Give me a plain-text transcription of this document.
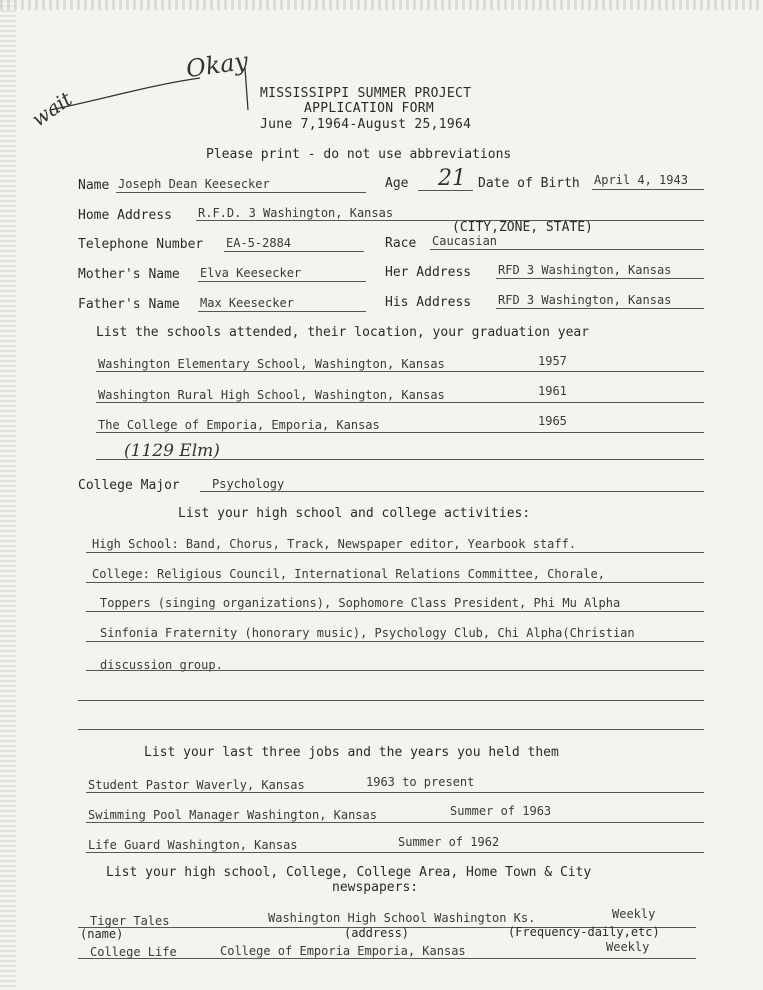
Okay
wait	MISSISSIPPI SUMMER PROJECT
APPLICATION FORM
June 7,1964-August 25,1964
Please print - do not use abbreviations
Name Joseph Dean Keesecker	Age 21 Date of Birth April 4, 1943
Home Address R.F.D. 3 Washington, Kansas
(CITY,ZONE, STATE)
Telephone Number EA-5-2884	Race Caucasian
Mother's Name Elva Keesecker	Her Address RFD 3 Washington, Kansas
Father's Name Max Keesecker	His Address RFD 3 Washington, Kansas
List the schools attended, their location, your graduation year
Washington Elementary School, Washington, Kansas	1957
Washington Rural High School, Washington, Kansas	1961
The College of Emporia, Emporia, Kansas	1965
(1129 Elm)
College Major	Psychology
List your high school and college activities:
High School: Band, Chorus, Track, Newspaper editor, Yearbook staff.
College: Religious Council, International Relations Committee, Chorale,
Toppers (singing organizations), Sophomore Class President, Phi Mu Alpha
Sinfonia Fraternity (honorary music), Psychology Club, Chi Alpha(Christian
discussion group.
List your last three jobs and the years you held them
Student Pastor Waverly, Kansas	1963 to present
Swimming Pool Manager Washington, Kansas	Summer of 1963
Life Guard Washington, Kansas	Summer of 1962
List your high school, College, College Area, Home Town & City
newspapers:
Tiger Tales	Washington High School Washington Ks.	Weekly
(name)	(address)	(Frequency-daily,etc)
College Life	College of Emporia Emporia, Kansas	Weekly
